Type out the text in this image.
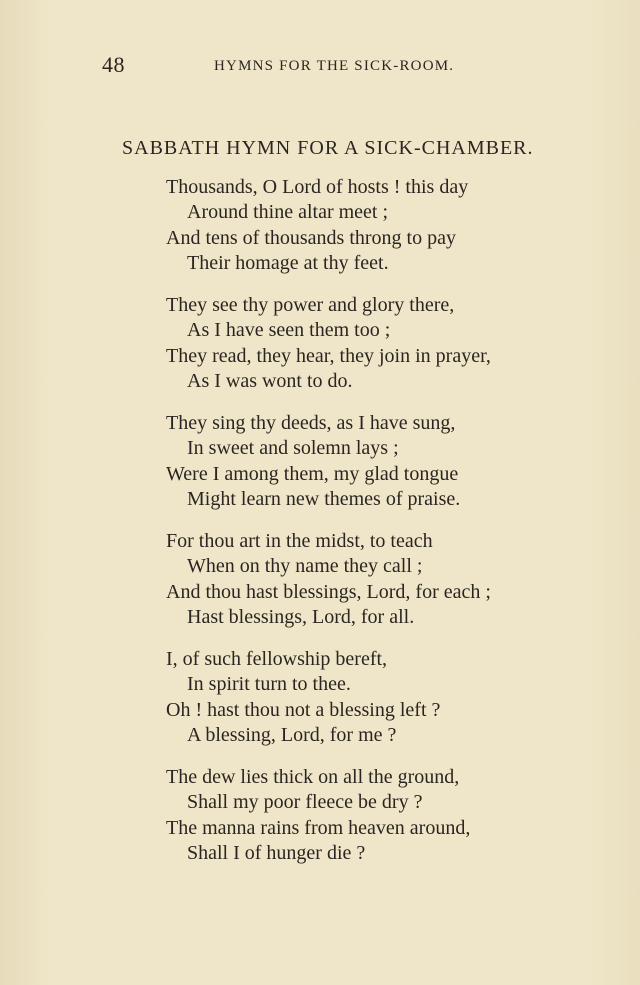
48	HYMNS FOR THE SICK-ROOM.
SABBATH HYMN FOR A SICK-CHAMBER.
Thousands, O Lord of hosts ! this day
Around thine altar meet ;
And tens of thousands throng to pay
Their homage at thy feet.
They see thy power and glory there,
As I have seen them too ;
They read, they hear, they join in prayer,
As I was wont to do.
They sing thy deeds, as I have sung,
In sweet and solemn lays ;
Were I among them, my glad tongue
Might learn new themes of praise.
For thou art in the midst, to teach
When on thy name they call ;
And thou hast blessings, Lord, for each ;
Hast blessings, Lord, for all.
I, of such fellowship bereft,
In spirit turn to thee.
Oh ! hast thou not a blessing left ?
A blessing, Lord, for me ?
The dew lies thick on all the ground,
Shall my poor fleece be dry ?
The manna rains from heaven around,
Shall I of hunger die ?
